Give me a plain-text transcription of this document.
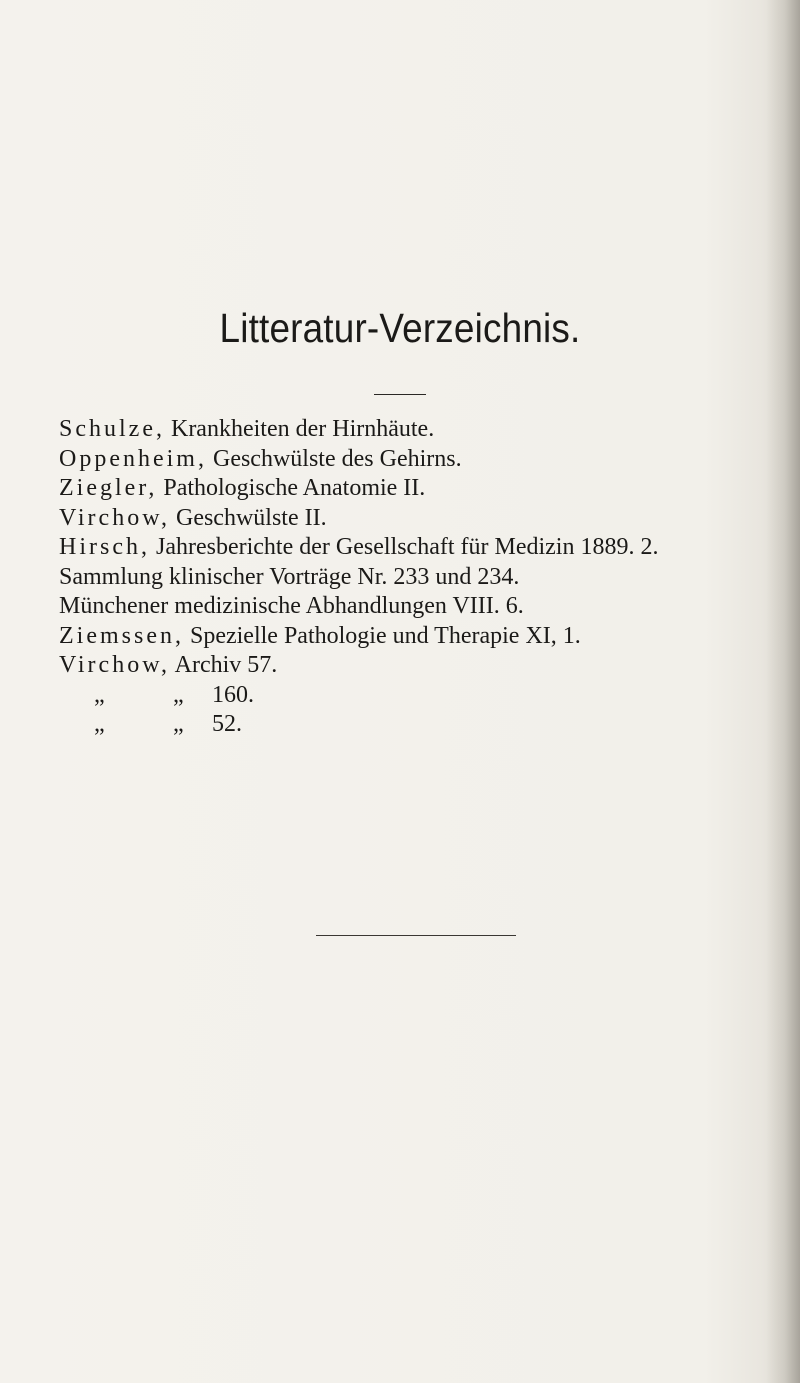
Litteratur-Verzeichnis.
Schulze, Krankheiten der Hirnhäute.
Oppenheim, Geschwülste des Gehirns.
Ziegler, Pathologische Anatomie II.
Virchow, Geschwülste II.
Hirsch, Jahresberichte der Gesellschaft für Medizin 1889. 2.
Sammlung klinischer Vorträge Nr. 233 und 234.
Münchener medizinische Abhandlungen VIII. 6.
Ziemssen, Spezielle Pathologie und Therapie XI, 1.
Virchow, Archiv 57.
„	„ 160.
„	„ 52.
